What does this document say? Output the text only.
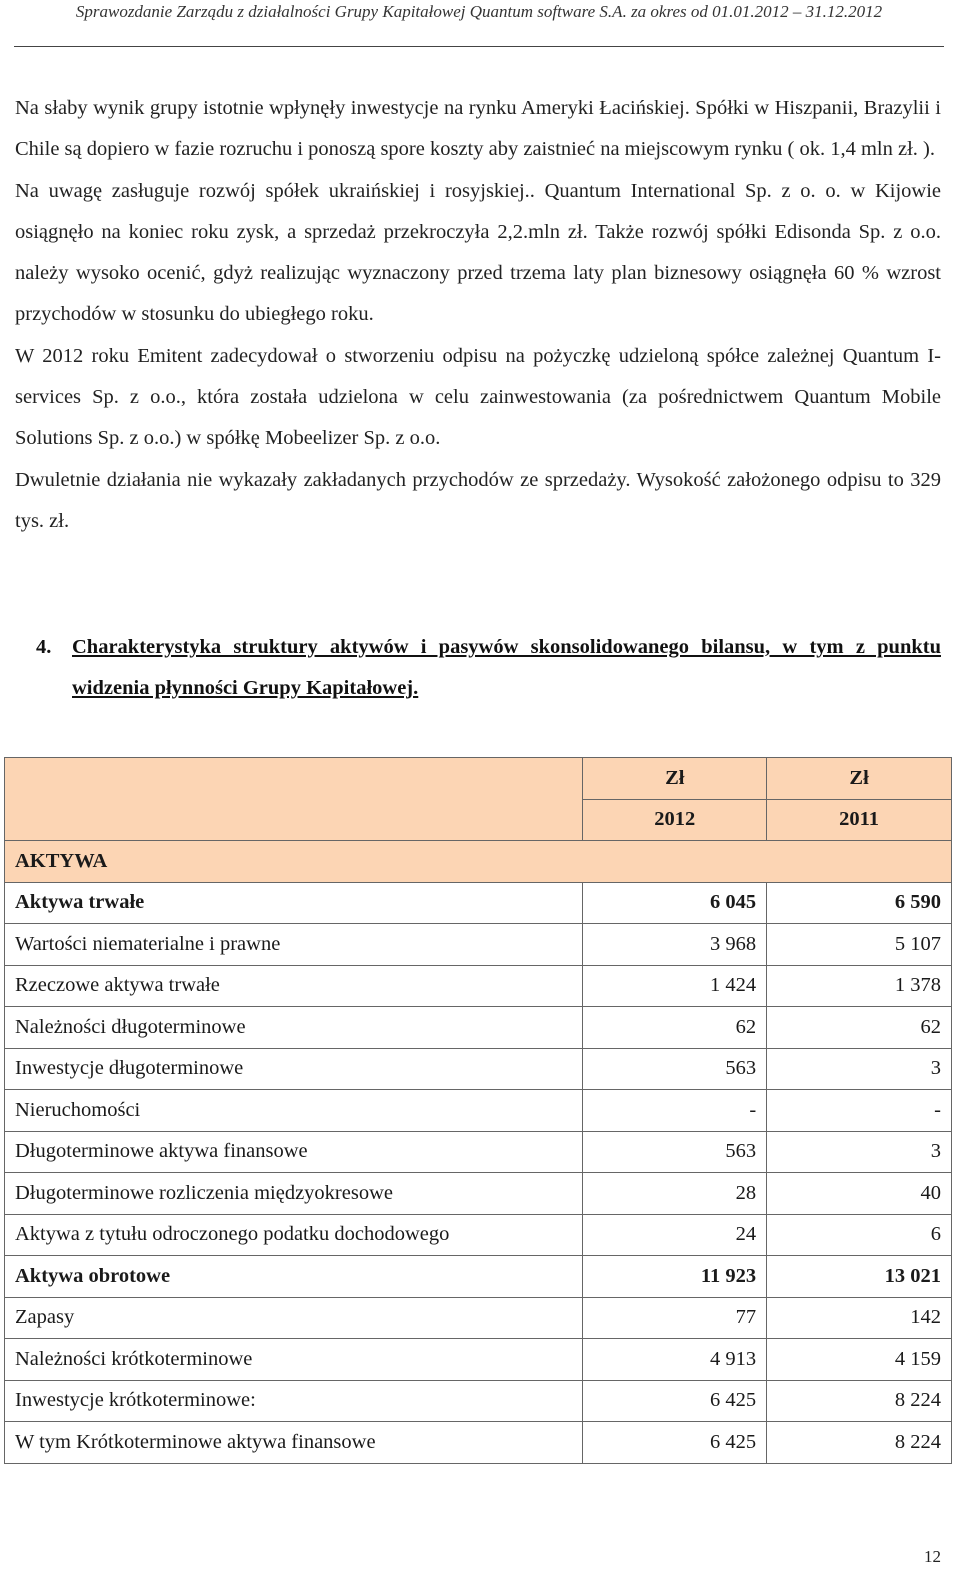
Sprawozdanie Zarządu z działalności Grupy Kapitałowej Quantum software S.A. za okres od 01.01.2012 – 31.12.2012

Na słaby wynik grupy istotnie wpłynęły inwestycje na rynku Ameryki Łacińskiej. Spółki w Hiszpanii, Brazylii i Chile są dopiero w fazie rozruchu i ponoszą spore koszty aby zaistnieć na miejscowym rynku ( ok. 1,4 mln zł. ).

Na uwagę zasługuje rozwój spółek ukraińskiej i rosyjskiej.. Quantum International Sp. z o. o. w Kijowie osiągnęło na koniec roku zysk, a sprzedaż przekroczyła 2,2.mln zł. Także rozwój spółki Edisonda Sp. z o.o. należy wysoko ocenić, gdyż realizując wyznaczony przed trzema laty plan biznesowy osiągnęła 60 % wzrost przychodów w stosunku do ubiegłego roku.

W 2012 roku Emitent zadecydował o stworzeniu odpisu na pożyczkę udzieloną spółce zależnej Quantum I-services Sp. z o.o., która została udzielona w celu zainwestowania (za pośrednictwem Quantum Mobile Solutions Sp. z o.o.) w spółkę Mobeelizer Sp. z o.o.

Dwuletnie działania nie wykazały zakładanych przychodów ze sprzedaży. Wysokość założonego odpisu to 329 tys. zł.

4. Charakterystyka struktury aktywów i pasywów skonsolidowanego bilansu, w tym z punktu widzenia płynności Grupy Kapitałowej.

	Zł	Zł
	2012	2011
AKTYWA		
Aktywa trwałe	6 045	6 590
Wartości niematerialne i prawne	3 968	5 107
Rzeczowe aktywa trwałe	1 424	1 378
Należności długoterminowe	62	62
Inwestycje długoterminowe	563	3
Nieruchomości	-	-
Długoterminowe aktywa finansowe	563	3
Długoterminowe rozliczenia międzyokresowe	28	40
Aktywa z tytułu odroczonego podatku dochodowego	24	6
Aktywa obrotowe	11 923	13 021
Zapasy	77	142
Należności krótkoterminowe	4 913	4 159
Inwestycje krótkoterminowe:	6 425	8 224
W tym Krótkoterminowe aktywa finansowe	6 425	8 224
12
